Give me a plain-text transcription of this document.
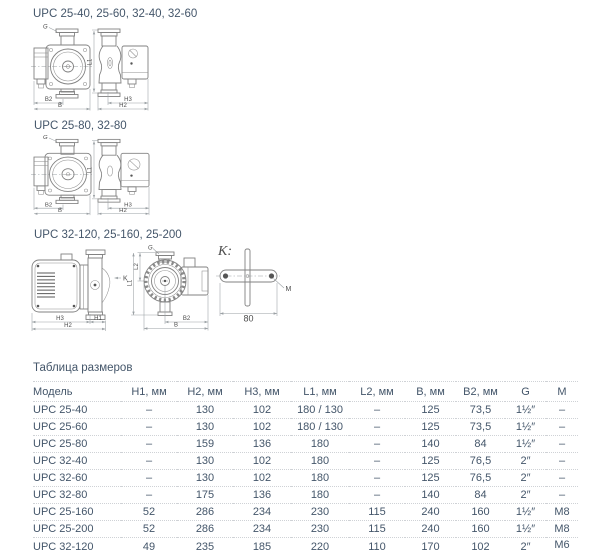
UPC 25-40, 25-60, 32-40, 32-60
UPC 25-80, 32-80
UPC 32-120, 25-160, 25-200
G
B2
B
L1
H3
H2
G
B2
B
L1
H3
H2
K
H3	H1
H2
G
L2
L1
B2
B
K:
M
80
Таблица размеров
Модель	H1, мм	H2, мм	H3, мм	L1, мм	L2, мм	B, мм	B2, мм	G	M
UPC 25-40	–	130	102	180 / 130	–	125	73,5	1½″	–
UPC 25-60	–	130	102	180 / 130	–	125	73,5	1½″	–
UPC 25-80	–	159	136	180	–	140	84	1½″	–
UPC 32-40	–	130	102	180	–	125	76,5	2″	–
UPC 32-60	–	130	102	180	–	125	76,5	2″	–
UPC 32-80	–	175	136	180	–	140	84	2″	–
UPC 25-160	52	286	234	230	115	240	160	1½″	M8
UPC 25-200	52	286	234	230	115	240	160	1½″	M8
UPC 32-120	49	235	185	220	110	170	102	2″	M6
